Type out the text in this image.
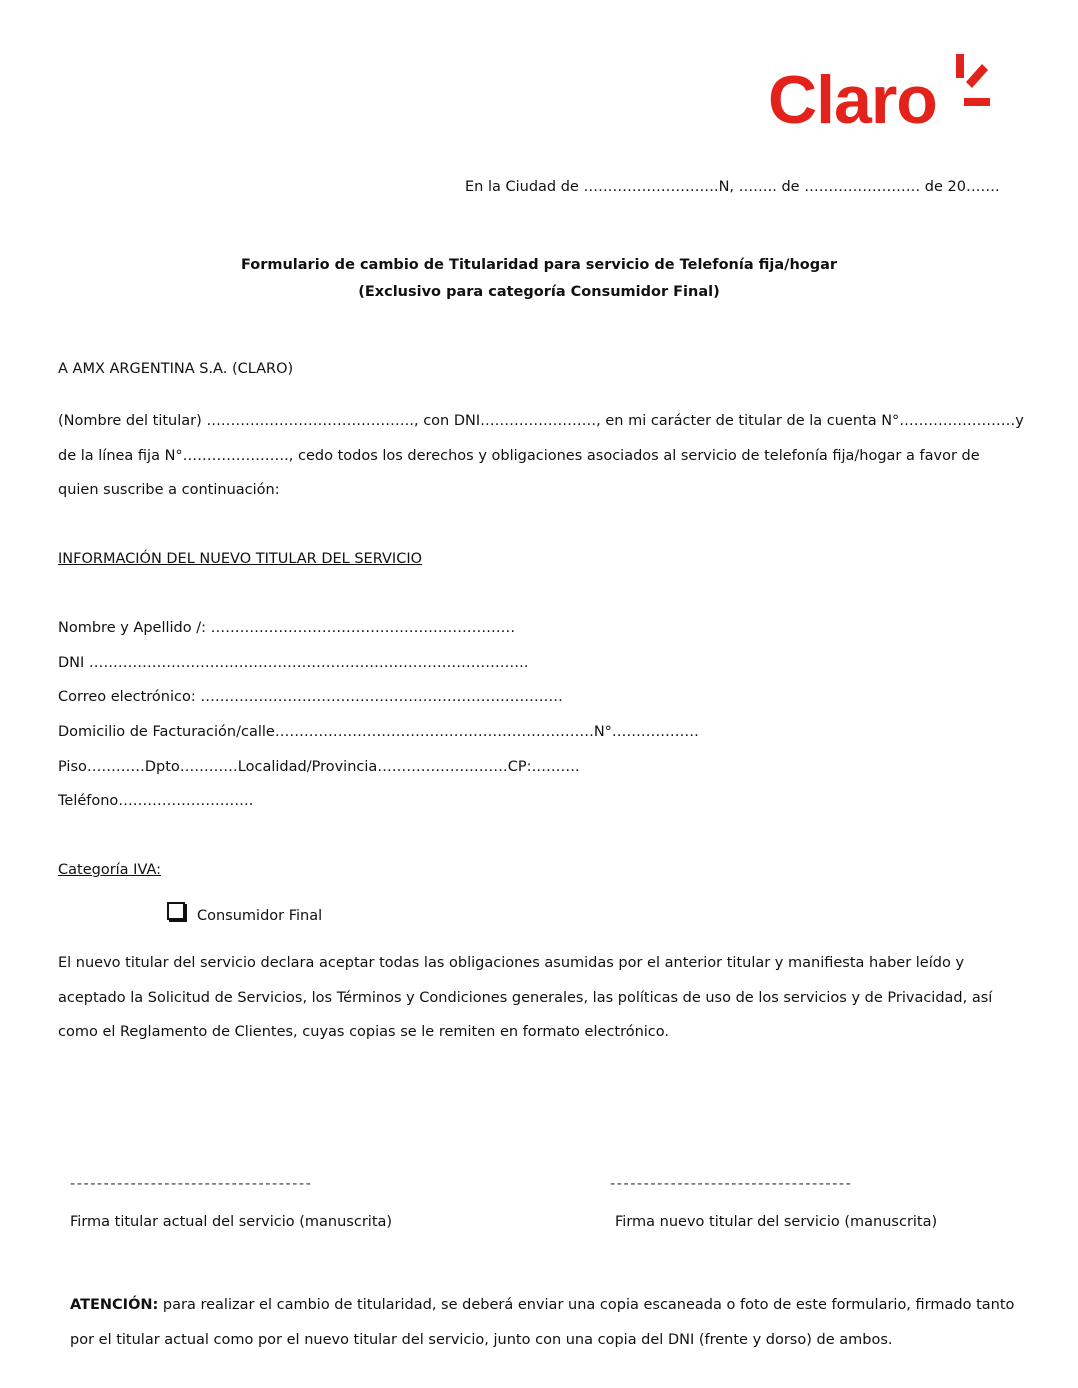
Claro
En la Ciudad de ……………………….N, …….. de …………………… de 20…….
Formulario de cambio de Titularidad para servicio de Telefonía fija/hogar
(Exclusivo para categoría Consumidor Final)
A AMX ARGENTINA S.A. (CLARO)
(Nombre del titular) ……………………………………., con DNI……………………, en mi carácter de titular de la cuenta N°……………………y
de la línea fija N°…………………., cedo todos los derechos y obligaciones asociados al servicio de telefonía fija/hogar a favor de
quien suscribe a continuación:
INFORMACIÓN DEL NUEVO TITULAR DEL SERVICIO
Nombre y Apellido /: ………………………………………………………
DNI ……………………………………………………………………………….
Correo electrónico: …………………………………………………………………
Domicilio de Facturación/calle…………………………………………………………N°………………
Piso…………Dpto…………Localidad/Provincia………………………CP:……….
Teléfono……………………….
Categoría IVA:
Consumidor Final
El nuevo titular del servicio declara aceptar todas las obligaciones asumidas por el anterior titular y manifiesta haber leído y
aceptado la Solicitud de Servicios, los Términos y Condiciones generales, las políticas de uso de los servicios y de Privacidad, así
como el Reglamento de Clientes, cuyas copias se le remiten en formato electrónico.
------------------------------------	------------------------------------
Firma titular actual del servicio (manuscrita)	Firma nuevo titular del servicio (manuscrita)
ATENCIÓN: para realizar el cambio de titularidad, se deberá enviar una copia escaneada o foto de este formulario, firmado tanto
por el titular actual como por el nuevo titular del servicio, junto con una copia del DNI (frente y dorso) de ambos.
